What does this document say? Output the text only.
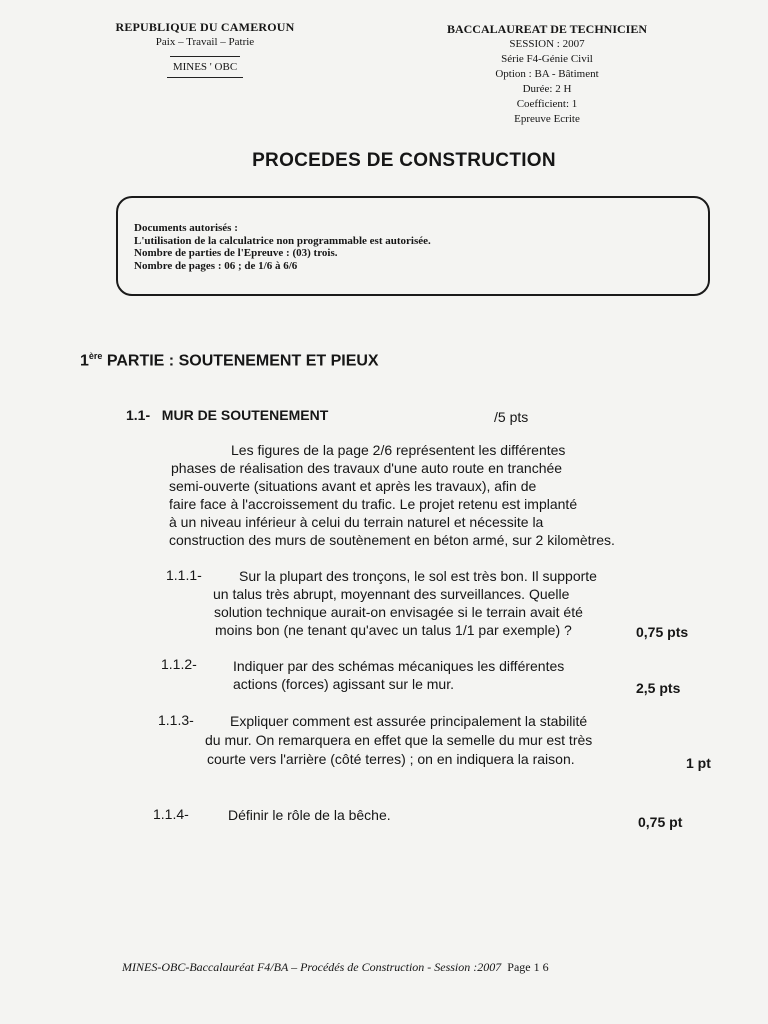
REPUBLIQUE DU CAMEROUN
Paix – Travail – Patrie
MINES ' OBC
BACCALAUREAT DE TECHNICIEN
SESSION : 2007
Série F4-Génie Civil
Option : BA - Bâtiment
Durée: 2 H
Coefficient: 1
Epreuve Ecrite
PROCEDES DE CONSTRUCTION
Documents autorisés :
L'utilisation de la calculatrice non programmable est autorisée.
Nombre de parties de l'Epreuve : (03) trois.
Nombre de pages : 06 ; de 1/6 à 6/6
1ère PARTIE : SOUTENEMENT ET PIEUX
1.1- MUR DE SOUTENEMENT	/5 pts
Les figures de la page 2/6 représentent les différentes
phases de réalisation des travaux d'une auto route en tranchée
semi-ouverte (situations avant et après les travaux), afin de
faire face à l'accroissement du trafic. Le projet retenu est implanté
à un niveau inférieur à celui du terrain naturel et nécessite la
construction des murs de soutènement en béton armé, sur 2 kilomètres.
1.1.1-	Sur la plupart des tronçons, le sol est très bon. Il supporte
un talus très abrupt, moyennant des surveillances. Quelle
solution technique aurait-on envisagée si le terrain avait été
moins bon (ne tenant qu'avec un talus 1/1 par exemple) ?	0,75 pts
1.1.2-	Indiquer par des schémas mécaniques les différentes
actions (forces) agissant sur le mur.	2,5 pts
1.1.3-	Expliquer comment est assurée principalement la stabilité
du mur. On remarquera en effet que la semelle du mur est très
courte vers l'arrière (côté terres) ; on en indiquera la raison.	1 pt
1.1.4-	Définir le rôle de la bêche.	0,75 pt
MINES-OBC-Baccalauréat F4/BA – Procédés de Construction - Session :2007 Page 1 6
